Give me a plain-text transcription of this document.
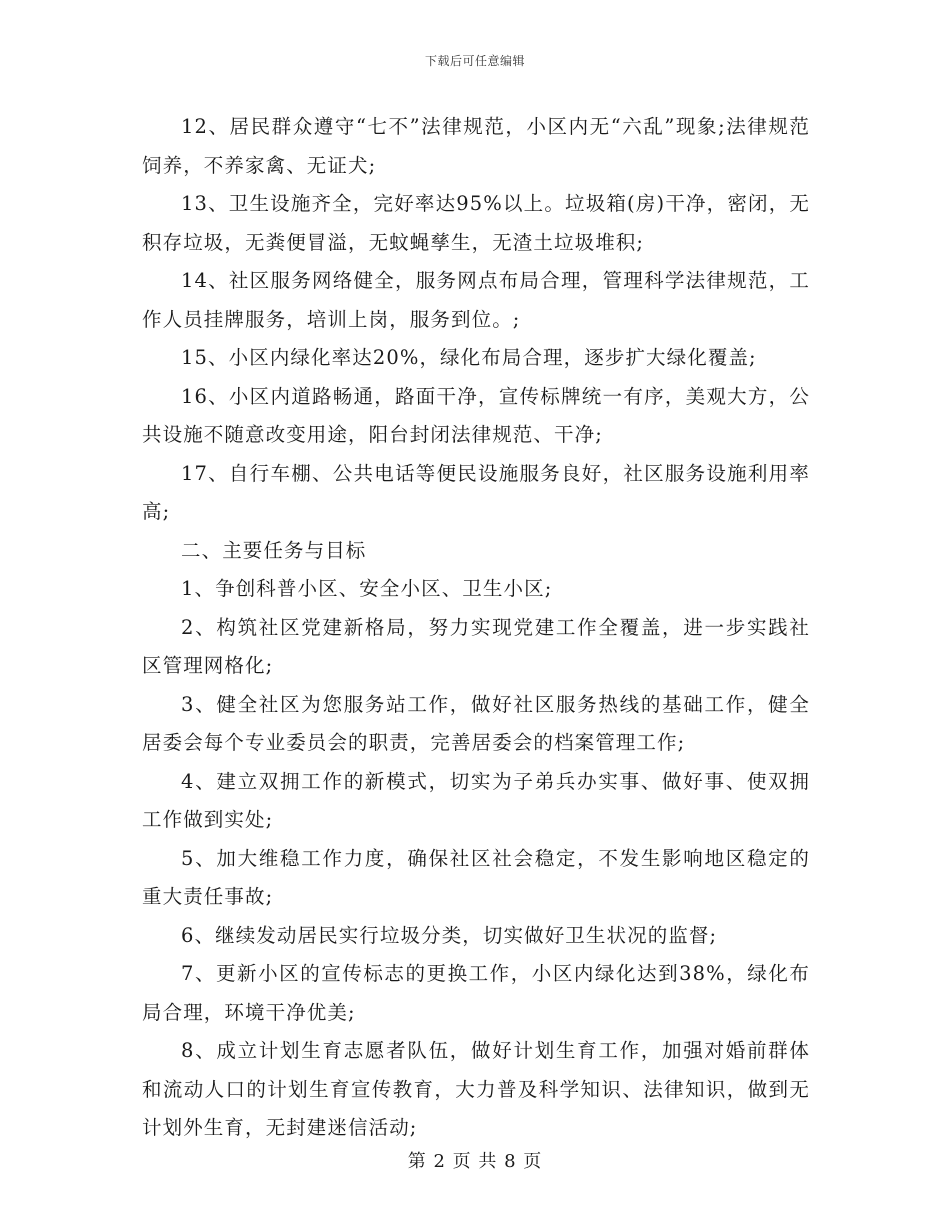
下载后可任意编辑

12、居民群众遵守“七不”法律规范，小区内无“六乱”现象;法律规范饲养，不养家禽、无证犬;

13、卫生设施齐全，完好率达95%以上。垃圾箱(房)干净，密闭，无积存垃圾，无粪便冒溢，无蚊蝇孳生，无渣土垃圾堆积;

14、社区服务网络健全，服务网点布局合理，管理科学法律规范，工作人员挂牌服务，培训上岗，服务到位。;

15、小区内绿化率达20%，绿化布局合理，逐步扩大绿化覆盖;

16、小区内道路畅通，路面干净，宣传标牌统一有序，美观大方，公共设施不随意改变用途，阳台封闭法律规范、干净;

17、自行车棚、公共电话等便民设施服务良好，社区服务设施利用率高;

二、主要任务与目标

1、争创科普小区、安全小区、卫生小区;

2、构筑社区党建新格局，努力实现党建工作全覆盖，进一步实践社区管理网格化;

3、健全社区为您服务站工作，做好社区服务热线的基础工作，健全居委会每个专业委员会的职责，完善居委会的档案管理工作;

4、建立双拥工作的新模式，切实为子弟兵办实事、做好事、使双拥工作做到实处;

5、加大维稳工作力度，确保社区社会稳定，不发生影响地区稳定的重大责任事故;

6、继续发动居民实行垃圾分类，切实做好卫生状况的监督;

7、更新小区的宣传标志的更换工作，小区内绿化达到38%，绿化布局合理，环境干净优美;

8、成立计划生育志愿者队伍，做好计划生育工作，加强对婚前群体和流动人口的计划生育宣传教育，大力普及科学知识、法律知识，做到无计划外生育，无封建迷信活动;

第 2 页 共 8 页
